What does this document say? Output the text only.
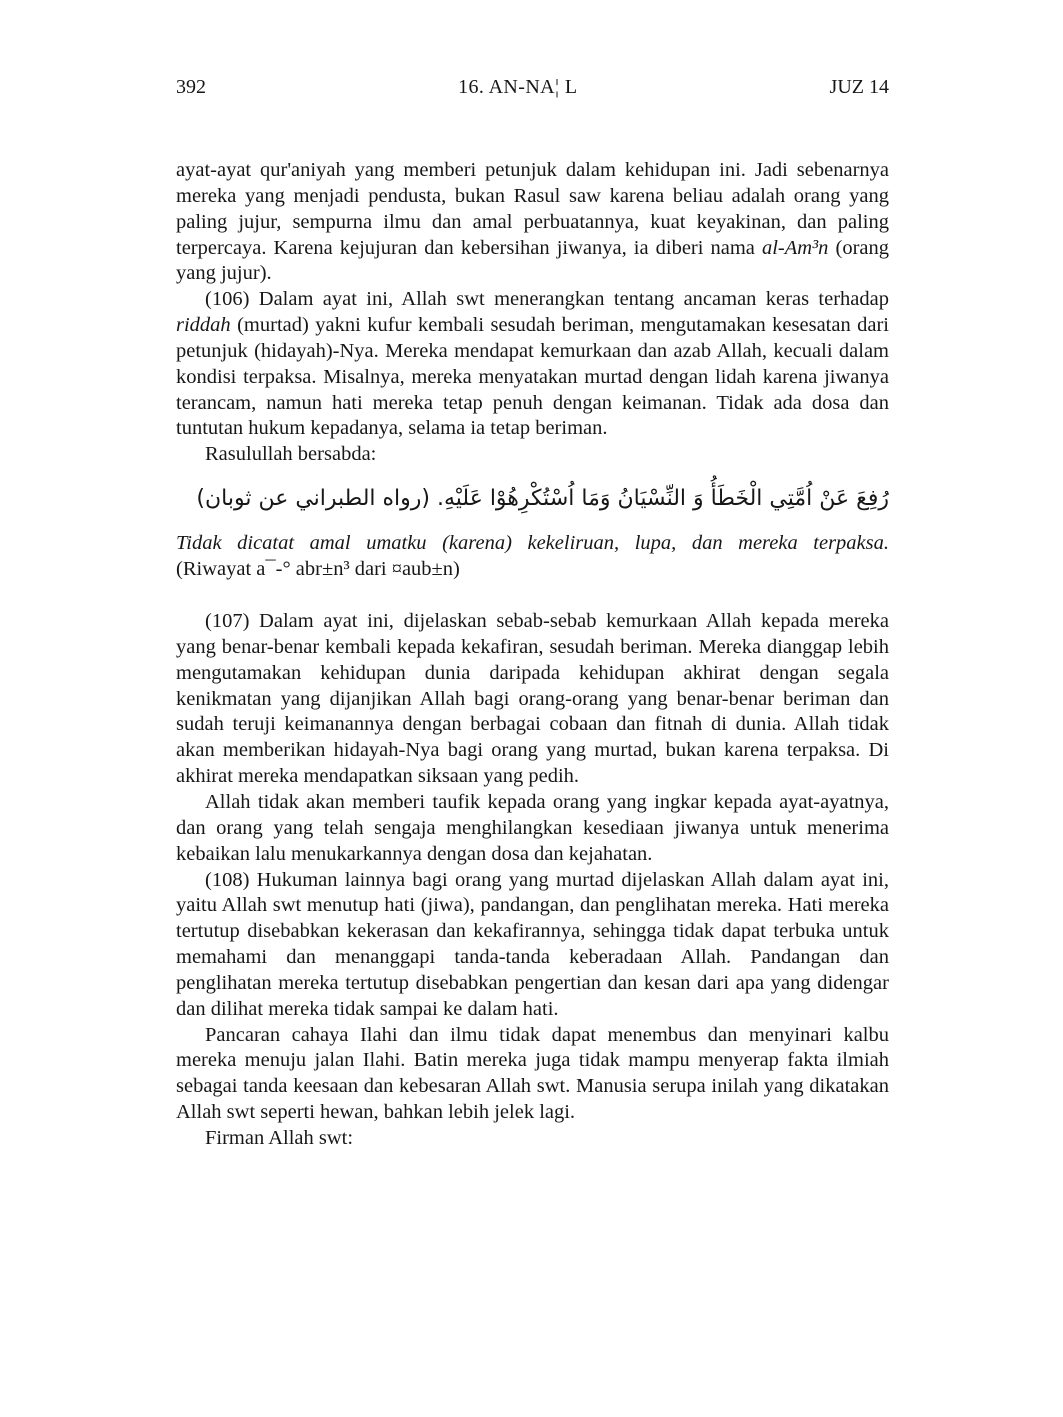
392	16. AN-NA¦ L	JUZ 14

ayat-ayat qur'aniyah yang memberi petunjuk dalam kehidupan ini. Jadi sebenarnya mereka yang menjadi pendusta, bukan Rasul saw karena beliau adalah orang yang paling jujur, sempurna ilmu dan amal perbuatannya, kuat keyakinan, dan paling terpercaya. Karena kejujuran dan kebersihan jiwanya, ia diberi nama al-Am³n (orang yang jujur).

(106) Dalam ayat ini, Allah swt menerangkan tentang ancaman keras terhadap riddah (murtad) yakni kufur kembali sesudah beriman, mengutamakan kesesatan dari petunjuk (hidayah)-Nya. Mereka mendapat kemurkaan dan azab Allah, kecuali dalam kondisi terpaksa. Misalnya, mereka menyatakan murtad dengan lidah karena jiwanya terancam, namun hati mereka tetap penuh dengan keimanan. Tidak ada dosa dan tuntutan hukum kepadanya, selama ia tetap beriman.

Rasulullah bersabda:

رُفِعَ عَنْ اُمَّتِي الْخَطَأُ وَ النِّسْيَانُ وَمَا اُسْتُكْرِهُوْا عَلَيْهِ. (رواه الطبراني عن ثوبان)

Tidak dicatat amal umatku (karena) kekeliruan, lupa, dan mereka terpaksa.

(Riwayat a¯-° abr±n³ dari ¤aub±n)

(107) Dalam ayat ini, dijelaskan sebab-sebab kemurkaan Allah kepada mereka yang benar-benar kembali kepada kekafiran, sesudah beriman. Mereka dianggap lebih mengutamakan kehidupan dunia daripada kehidupan akhirat dengan segala kenikmatan yang dijanjikan Allah bagi orang-orang yang benar-benar beriman dan sudah teruji keimanannya dengan berbagai cobaan dan fitnah di dunia. Allah tidak akan memberikan hidayah-Nya bagi orang yang murtad, bukan karena terpaksa. Di akhirat mereka mendapatkan siksaan yang pedih.

Allah tidak akan memberi taufik kepada orang yang ingkar kepada ayat-ayatnya, dan orang yang telah sengaja menghilangkan kesediaan jiwanya untuk menerima kebaikan lalu menukarkannya dengan dosa dan kejahatan.

(108) Hukuman lainnya bagi orang yang murtad dijelaskan Allah dalam ayat ini, yaitu Allah swt menutup hati (jiwa), pandangan, dan penglihatan mereka. Hati mereka tertutup disebabkan kekerasan dan kekafirannya, sehingga tidak dapat terbuka untuk memahami dan menanggapi tanda-tanda keberadaan Allah. Pandangan dan penglihatan mereka tertutup disebabkan pengertian dan kesan dari apa yang didengar dan dilihat mereka tidak sampai ke dalam hati.

Pancaran cahaya Ilahi dan ilmu tidak dapat menembus dan menyinari kalbu mereka menuju jalan Ilahi. Batin mereka juga tidak mampu menyerap fakta ilmiah sebagai tanda keesaan dan kebesaran Allah swt. Manusia serupa inilah yang dikatakan Allah swt seperti hewan, bahkan lebih jelek lagi.

Firman Allah swt:
